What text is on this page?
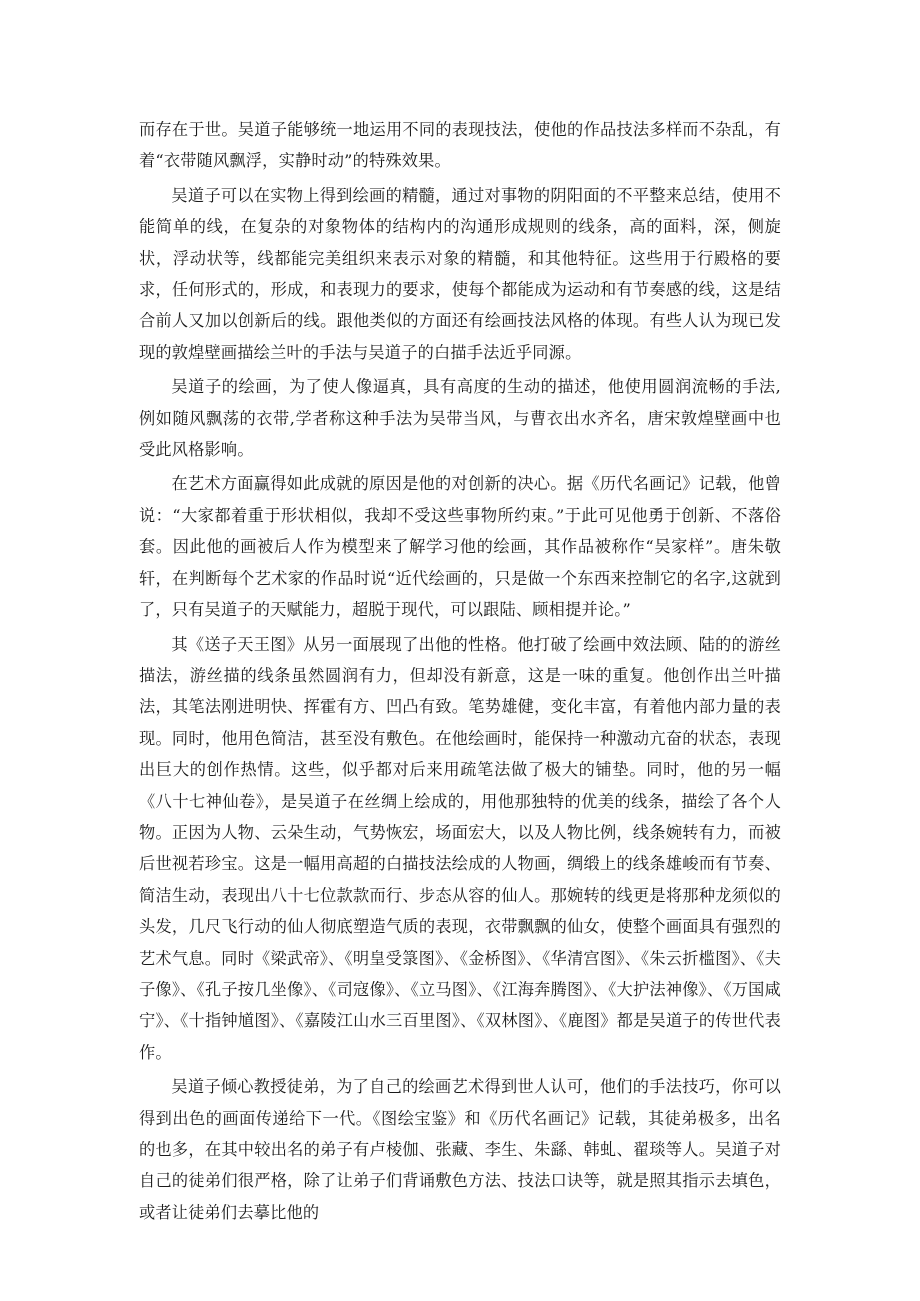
而存在于世。吴道子能够统一地运用不同的表现技法，使他的作品技法多样而不杂乱，有着“衣带随风飘浮，实静时动”的特殊效果。

吴道子可以在实物上得到绘画的精髓，通过对事物的阴阳面的不平整来总结，使用不能简单的线，在复杂的对象物体的结构内的沟通形成规则的线条，高的面料，深，侧旋状，浮动状等，线都能完美组织来表示对象的精髓，和其他特征。这些用于行殿格的要求，任何形式的，形成，和表现力的要求，使每个都能成为运动和有节奏感的线，这是结合前人又加以创新后的线。跟他类似的方面还有绘画技法风格的体现。有些人认为现已发现的敦煌壁画描绘兰叶的手法与吴道子的白描手法近乎同源。

吴道子的绘画，为了使人像逼真，具有高度的生动的描述，他使用圆润流畅的手法,例如随风飘荡的衣带,学者称这种手法为吴带当风，与曹衣出水齐名，唐宋敦煌壁画中也受此风格影响。

在艺术方面赢得如此成就的原因是他的对创新的决心。据《历代名画记》记载，他曾说：“大家都着重于形状相似，我却不受这些事物所约束。”于此可见他勇于创新、不落俗套。因此他的画被后人作为模型来了解学习他的绘画，其作品被称作“吴家样”。唐朱敬轩，在判断每个艺术家的作品时说“近代绘画的，只是做一个东西来控制它的名字,这就到了，只有吴道子的天赋能力，超脱于现代，可以跟陆、顾相提并论。”

其《送子天王图》从另一面展现了出他的性格。他打破了绘画中效法顾、陆的的游丝描法，游丝描的线条虽然圆润有力，但却没有新意，这是一味的重复。他创作出兰叶描法，其笔法刚进明快、挥霍有方、凹凸有致。笔势雄健，变化丰富，有着他内部力量的表现。同时，他用色简洁，甚至没有敷色。在他绘画时，能保持一种激动亢奋的状态，表现出巨大的创作热情。这些，似乎都对后来用疏笔法做了极大的铺垫。同时，他的另一幅《八十七神仙卷》，是吴道子在丝绸上绘成的，用他那独特的优美的线条，描绘了各个人物。正因为人物、云朵生动，气势恢宏，场面宏大，以及人物比例，线条婉转有力，而被后世视若珍宝。这是一幅用高超的白描技法绘成的人物画，绸缎上的线条雄峻而有节奏、简洁生动，表现出八十七位款款而行、步态从容的仙人。那婉转的线更是将那种龙须似的头发，几尺飞行动的仙人彻底塑造气质的表现，衣带飘飘的仙女，使整个画面具有强烈的艺术气息。同时《梁武帝》、《明皇受箓图》、《金桥图》、《华清宫图》、《朱云折槛图》、《夫子像》、《孔子按几坐像》、《司寇像》、《立马图》、《江海奔腾图》、《大护法神像》、《万国咸宁》、《十指钟馗图》、《嘉陵江山水三百里图》、《双林图》、《鹿图》都是吴道子的传世代表作。

吴道子倾心教授徒弟，为了自己的绘画艺术得到世人认可，他们的手法技巧，你可以得到出色的画面传递给下一代。《图绘宝鉴》和《历代名画记》记载，其徒弟极多，出名的也多，在其中较出名的弟子有卢棱伽、张藏、李生、朱繇、韩虬、翟琰等人。吴道子对自己的徒弟们很严格，除了让弟子们背诵敷色方法、技法口诀等，就是照其指示去填色，或者让徒弟们去摹比他的
